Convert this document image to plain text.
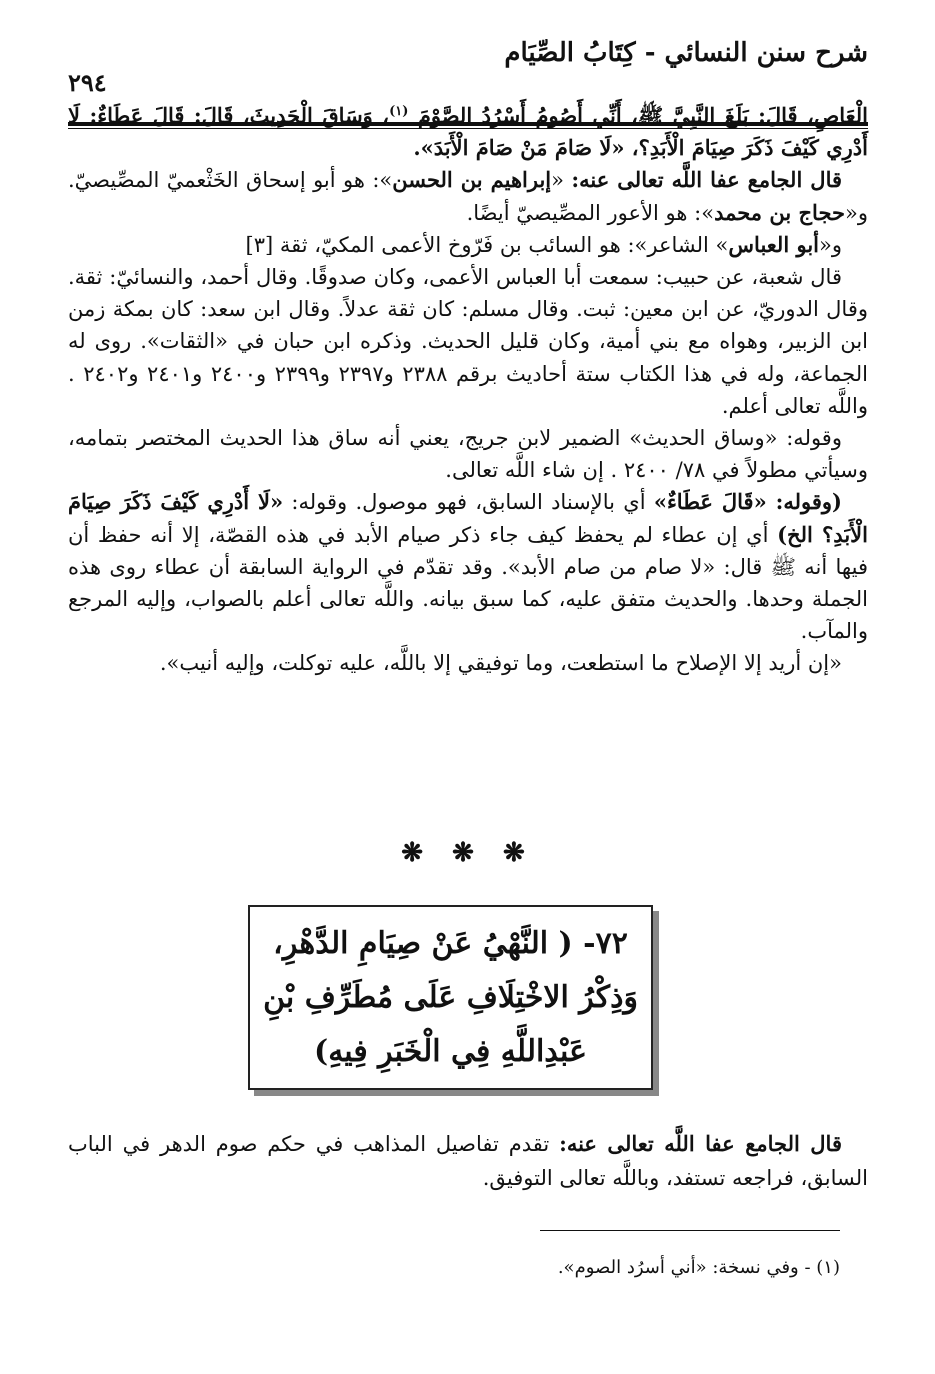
شرح سنن النسائي - كِتَابُ الصِّيَام
٢٩٤

الْعَاصِ، قَالَ: بَلَغَ النَّبِيَّ ﷺ، أَنِّي أَصُومُ أَسْرُدُ الصَّوْمَ $^{(١)}$، وَسَاقَ الْحَدِيثَ، قَالَ: قَالَ عَطَاءٌ: لَا أَدْرِي كَيْفَ ذَكَرَ صِيَامَ الْأَبَدِ؟، «لَا صَامَ مَنْ صَامَ الْأَبَدَ».

قال الجامع عفا اللَّه تعالى عنه: «إبراهيم بن الحسن»: هو أبو إسحاق الخَثْعميّ المصِّيصيّ. و«حجاج بن محمد»: هو الأعور المصِّيصيّ أيضًا.

و«أبو العباس» الشاعر»: هو السائب بن فَرّوخ الأعمى المكيّ، ثقة [٣]

قال شعبة، عن حبيب: سمعت أبا العباس الأعمى، وكان صدوقًا. وقال أحمد، والنسائيّ: ثقة. وقال الدوريّ، عن ابن معين: ثبت. وقال مسلم: كان ثقة عدلاً. وقال ابن سعد: كان بمكة زمن ابن الزبير، وهواه مع بني أمية، وكان قليل الحديث. وذكره ابن حبان في «الثقات». روى له الجماعة، وله في هذا الكتاب ستة أحاديث برقم ٢٣٨٨ و٢٣٩٧ و٢٣٩٩ و٢٤٠٠ و٢٤٠١ و٢٤٠٢ . واللَّه تعالى أعلم.

وقوله: «وساق الحديث» الضمير لابن جريج، يعني أنه ساق هذا الحديث المختصر بتمامه، وسيأتي مطولاً في ٧٨/ ٢٤٠٠ . إن شاء اللَّه تعالى.

(وقوله: «قَالَ عَطَاءٌ» أي بالإسناد السابق، فهو موصول. وقوله: «لَا أَدْرِي كَيْفَ ذَكَرَ صِيَامَ الْأَبَدِ؟ الخ) أي إن عطاء لم يحفظ كيف جاء ذكر صيام الأبد في هذه القصّة، إلا أنه حفظ أن فيها أنه ﷺ قال: «لا صام من صام الأبد». وقد تقدّم في الرواية السابقة أن عطاء روى هذه الجملة وحدها. والحديث متفق عليه، كما سبق بيانه. واللَّه تعالى أعلم بالصواب، وإليه المرجع والمآب.

«إن أريد إلا الإصلاح ما استطعت، وما توفيقي إلا باللَّه، عليه توكلت، وإليه أنيب».

❋ ❋ ❋
٧٢- ( النَّهْيُ عَنْ صِيَامِ الدَّهْرِ،
وَذِكْرُ الاخْتِلَافِ عَلَى مُطَرِّفِ بْنِ
عَبْدِاللَّهِ فِي الْخَبَرِ فِيهِ)

قال الجامع عفا اللَّه تعالى عنه: تقدم تفاصيل المذاهب في حكم صوم الدهر في الباب السابق، فراجعه تستفد، وباللَّه تعالى التوفيق.

(١) - وفي نسخة: «أني أسرُد الصوم».
